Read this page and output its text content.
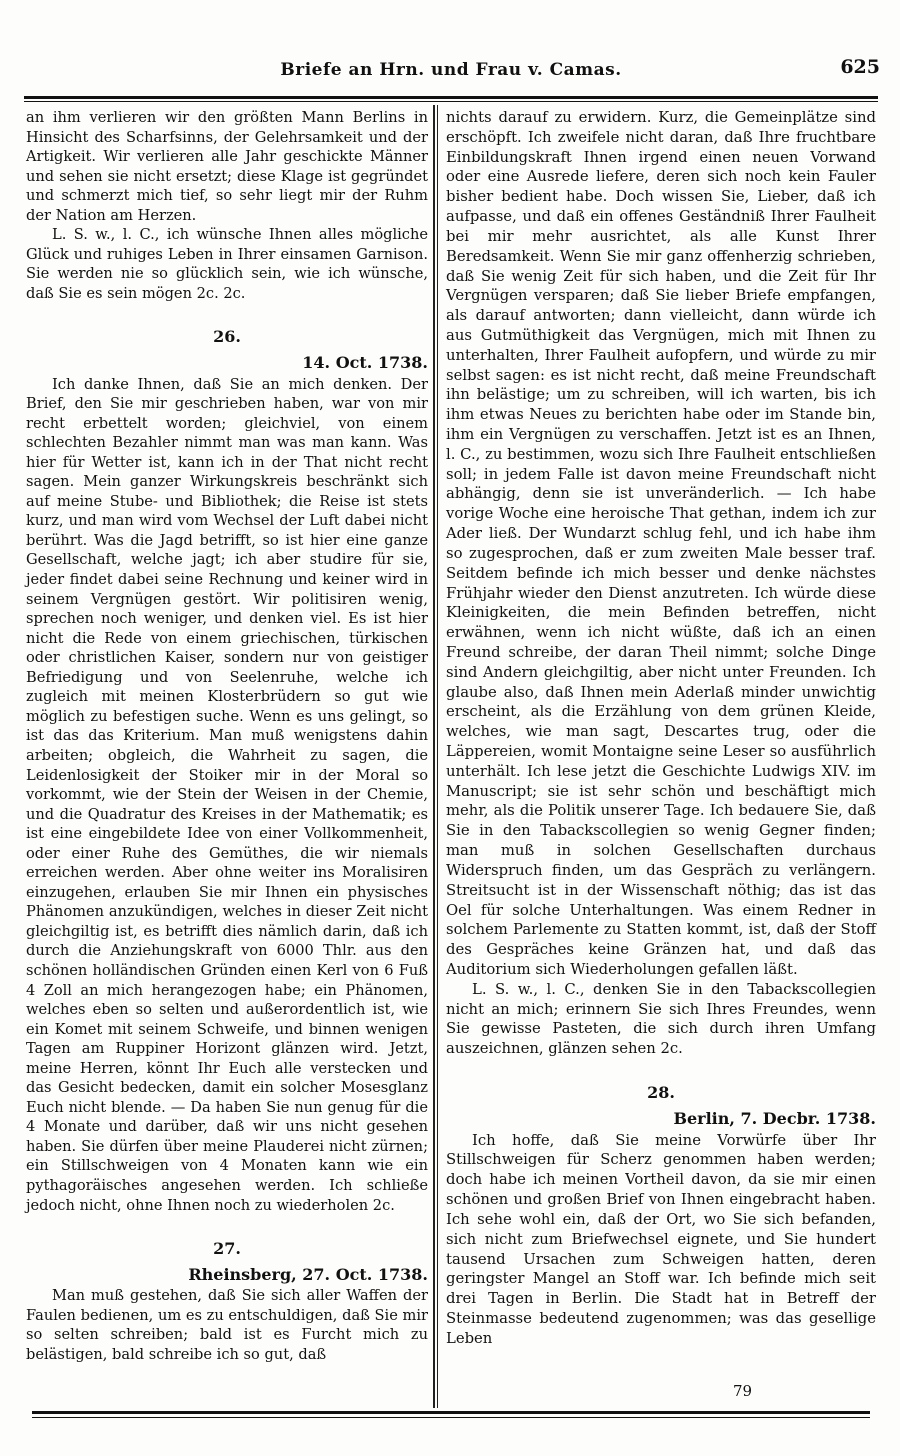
Briefe an Hrn. und Frau v. Camas.	625

an ihm verlieren wir den größten Mann Berlins in Hinsicht des Scharfsinns, der Gelehrsamkeit und der Artigkeit. Wir verlieren alle Jahr geschickte Männer und sehen sie nicht ersetzt; diese Klage ist gegründet und schmerzt mich tief, so sehr liegt mir der Ruhm der Nation am Herzen.

L. S. w., l. C., ich wünsche Ihnen alles mögliche Glück und ruhiges Leben in Ihrer einsamen Garnison. Sie werden nie so glücklich sein, wie ich wünsche, daß Sie es sein mögen 2c. 2c.

26.
14. Oct. 1738.

Ich danke Ihnen, daß Sie an mich denken. Der Brief, den Sie mir geschrieben haben, war von mir recht erbettelt worden; gleichviel, von einem schlechten Bezahler nimmt man was man kann. Was hier für Wetter ist, kann ich in der That nicht recht sagen. Mein ganzer Wirkungskreis beschränkt sich auf meine Stube- und Bibliothek; die Reise ist stets kurz, und man wird vom Wechsel der Luft dabei nicht berührt. Was die Jagd betrifft, so ist hier eine ganze Gesellschaft, welche jagt; ich aber studire für sie, jeder findet dabei seine Rechnung und keiner wird in seinem Vergnügen gestört. Wir politisiren wenig, sprechen noch weniger, und denken viel. Es ist hier nicht die Rede von einem griechischen, türkischen oder christlichen Kaiser, sondern nur von geistiger Befriedigung und von Seelenruhe, welche ich zugleich mit meinen Klosterbrüdern so gut wie möglich zu befestigen suche. Wenn es uns gelingt, so ist das das Kriterium. Man muß wenigstens dahin arbeiten; obgleich, die Wahrheit zu sagen, die Leidenlosigkeit der Stoiker mir in der Moral so vorkommt, wie der Stein der Weisen in der Chemie, und die Quadratur des Kreises in der Mathematik; es ist eine eingebildete Idee von einer Vollkommenheit, oder einer Ruhe des Gemüthes, die wir niemals erreichen werden. Aber ohne weiter ins Moralisiren einzugehen, erlauben Sie mir Ihnen ein physisches Phänomen anzukündigen, welches in dieser Zeit nicht gleichgiltig ist, es betrifft dies nämlich darin, daß ich durch die Anziehungskraft von 6000 Thlr. aus den schönen holländischen Gründen einen Kerl von 6 Fuß 4 Zoll an mich herangezogen habe; ein Phänomen, welches eben so selten und außerordentlich ist, wie ein Komet mit seinem Schweife, und binnen wenigen Tagen am Ruppiner Horizont glänzen wird. Jetzt, meine Herren, könnt Ihr Euch alle verstecken und das Gesicht bedecken, damit ein solcher Mosesglanz Euch nicht blende. — Da haben Sie nun genug für die 4 Monate und darüber, daß wir uns nicht gesehen haben. Sie dürfen über meine Plauderei nicht zürnen; ein Stillschweigen von 4 Monaten kann wie ein pythagoräisches angesehen werden. Ich schließe jedoch nicht, ohne Ihnen noch zu wiederholen 2c.

27.
Rheinsberg, 27. Oct. 1738.

Man muß gestehen, daß Sie sich aller Waffen der Faulen bedienen, um es zu entschuldigen, daß Sie mir so selten schreiben; bald ist es Furcht mich zu belästigen, bald schreibe ich so gut, daß

nichts darauf zu erwidern. Kurz, die Gemeinplätze sind erschöpft. Ich zweifele nicht daran, daß Ihre fruchtbare Einbildungskraft Ihnen irgend einen neuen Vorwand oder eine Ausrede liefere, deren sich noch kein Fauler bisher bedient habe. Doch wissen Sie, Lieber, daß ich aufpasse, und daß ein offenes Geständniß Ihrer Faulheit bei mir mehr ausrichtet, als alle Kunst Ihrer Beredsamkeit. Wenn Sie mir ganz offenherzig schrieben, daß Sie wenig Zeit für sich haben, und die Zeit für Ihr Vergnügen versparen; daß Sie lieber Briefe empfangen, als darauf antworten; dann vielleicht, dann würde ich aus Gutmüthigkeit das Vergnügen, mich mit Ihnen zu unterhalten, Ihrer Faulheit aufopfern, und würde zu mir selbst sagen: es ist nicht recht, daß meine Freundschaft ihn belästige; um zu schreiben, will ich warten, bis ich ihm etwas Neues zu berichten habe oder im Stande bin, ihm ein Vergnügen zu verschaffen. Jetzt ist es an Ihnen, l. C., zu bestimmen, wozu sich Ihre Faulheit entschließen soll; in jedem Falle ist davon meine Freundschaft nicht abhängig, denn sie ist unveränderlich. — Ich habe vorige Woche eine heroische That gethan, indem ich zur Ader ließ. Der Wundarzt schlug fehl, und ich habe ihm so zugesprochen, daß er zum zweiten Male besser traf. Seitdem befinde ich mich besser und denke nächstes Frühjahr wieder den Dienst anzutreten. Ich würde diese Kleinigkeiten, die mein Befinden betreffen, nicht erwähnen, wenn ich nicht wüßte, daß ich an einen Freund schreibe, der daran Theil nimmt; solche Dinge sind Andern gleichgiltig, aber nicht unter Freunden. Ich glaube also, daß Ihnen mein Aderlaß minder unwichtig erscheint, als die Erzählung von dem grünen Kleide, welches, wie man sagt, Descartes trug, oder die Läppereien, womit Montaigne seine Leser so ausführlich unterhält. Ich lese jetzt die Geschichte Ludwigs XIV. im Manuscript; sie ist sehr schön und beschäftigt mich mehr, als die Politik unserer Tage. Ich bedauere Sie, daß Sie in den Tabackscollegien so wenig Gegner finden; man muß in solchen Gesellschaften durchaus Widerspruch finden, um das Gespräch zu verlängern. Streitsucht ist in der Wissenschaft nöthig; das ist das Oel für solche Unterhaltungen. Was einem Redner in solchem Parlemente zu Statten kommt, ist, daß der Stoff des Gespräches keine Gränzen hat, und daß das Auditorium sich Wiederholungen gefallen läßt.

L. S. w., l. C., denken Sie in den Tabackscollegien nicht an mich; erinnern Sie sich Ihres Freundes, wenn Sie gewisse Pasteten, die sich durch ihren Umfang auszeichnen, glänzen sehen 2c.

28.
Berlin, 7. Decbr. 1738.

Ich hoffe, daß Sie meine Vorwürfe über Ihr Stillschweigen für Scherz genommen haben werden; doch habe ich meinen Vortheil davon, da sie mir einen schönen und großen Brief von Ihnen eingebracht haben. Ich sehe wohl ein, daß der Ort, wo Sie sich befanden, sich nicht zum Briefwechsel eignete, und Sie hundert tausend Ursachen zum Schweigen hatten, deren geringster Mangel an Stoff war. Ich befinde mich seit drei Tagen in Berlin. Die Stadt hat in Betreff der Steinmasse bedeutend zugenommen; was das gesellige Leben

79
